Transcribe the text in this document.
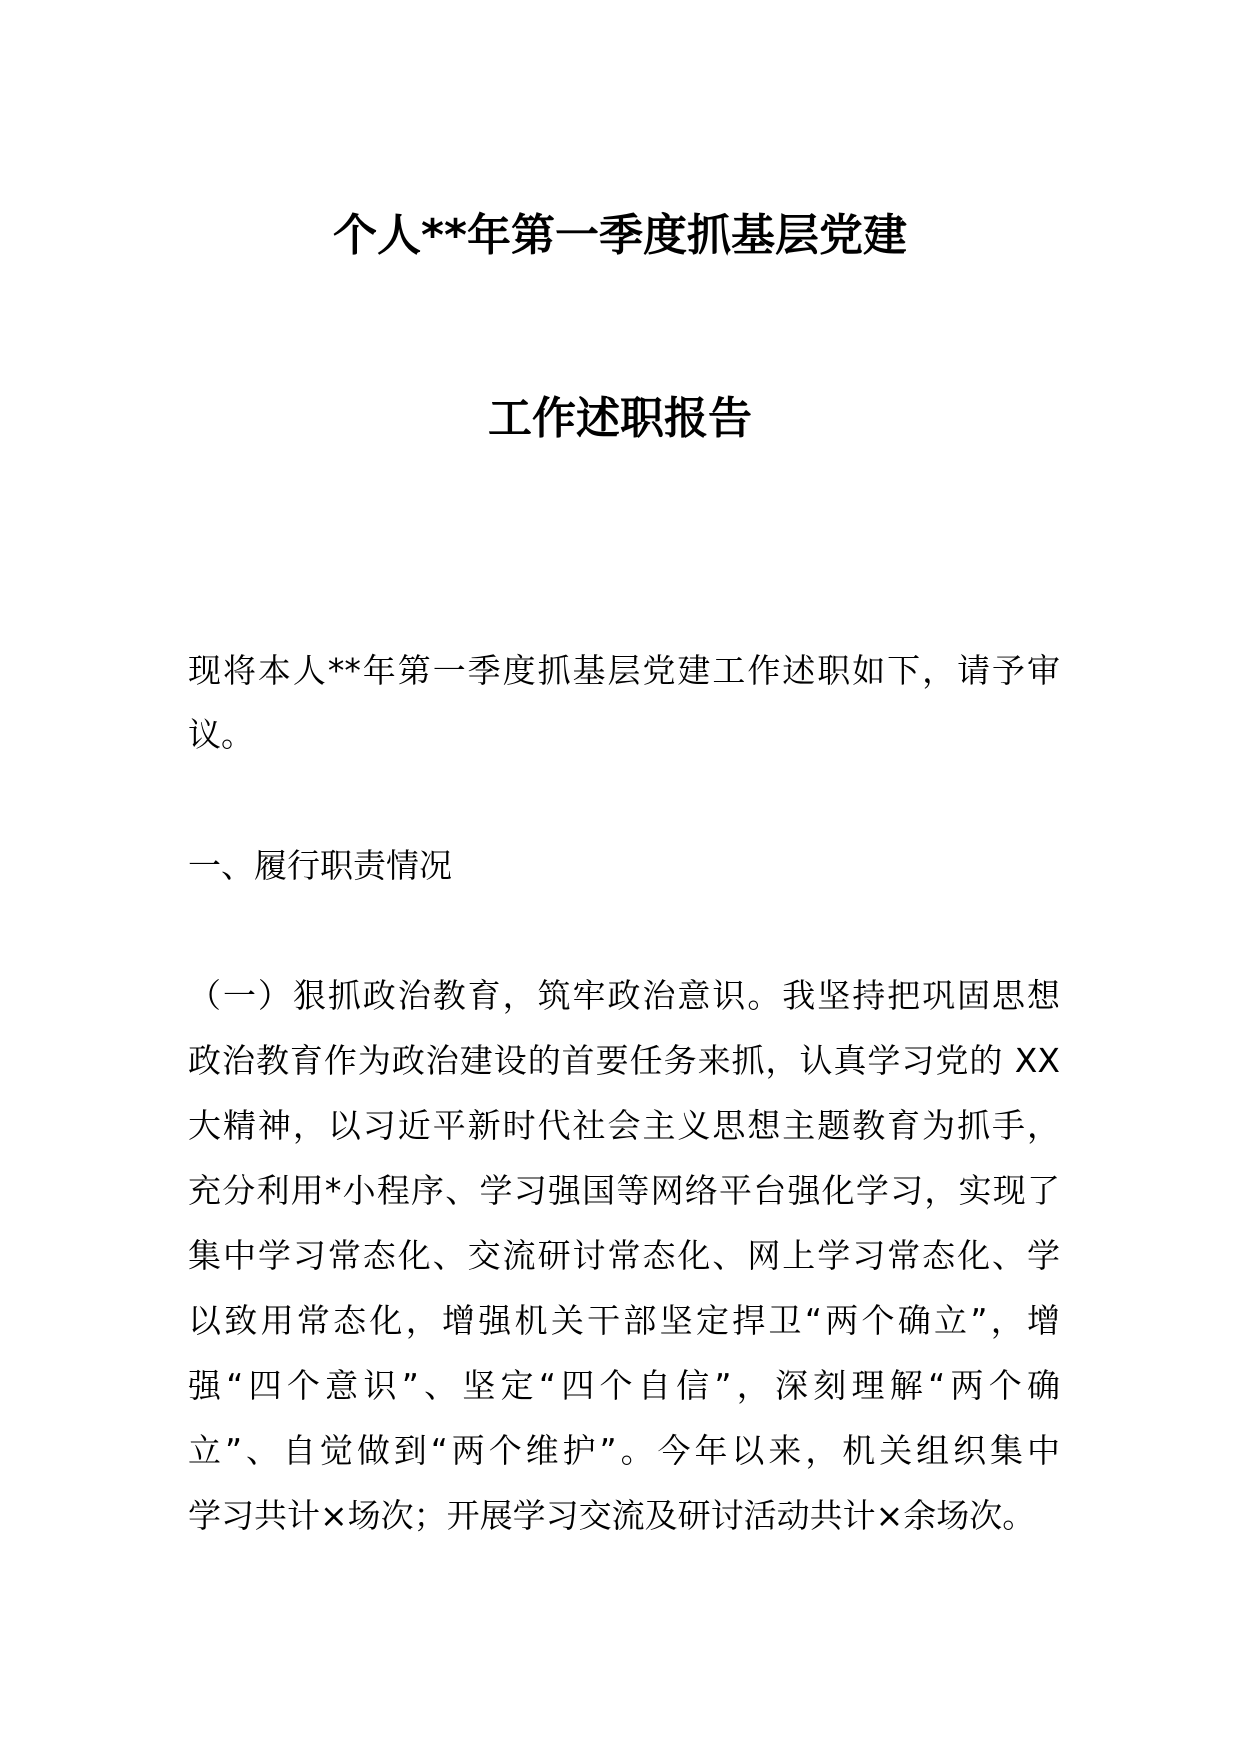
个人**年第一季度抓基层党建
工作述职报告
现将本人**年第一季度抓基层党建工作述职如下，请予审
议。
一、履行职责情况
（一）狠抓政治教育，筑牢政治意识。我坚持把巩固思想
政治教育作为政治建设的首要任务来抓，认真学习党的 XX
大精神，以习近平新时代社会主义思想主题教育为抓手，
充分利用*小程序、学习强国等网络平台强化学习，实现了
集中学习常态化、交流研讨常态化、网上学习常态化、学
以致用常态化，增强机关干部坚定捍卫“两个确立”，增
强“四个意识”、坚定“四个自信”，深刻理解“两个确
立”、自觉做到“两个维护”。今年以来，机关组织集中
学习共计×场次；开展学习交流及研讨活动共计×余场次。
